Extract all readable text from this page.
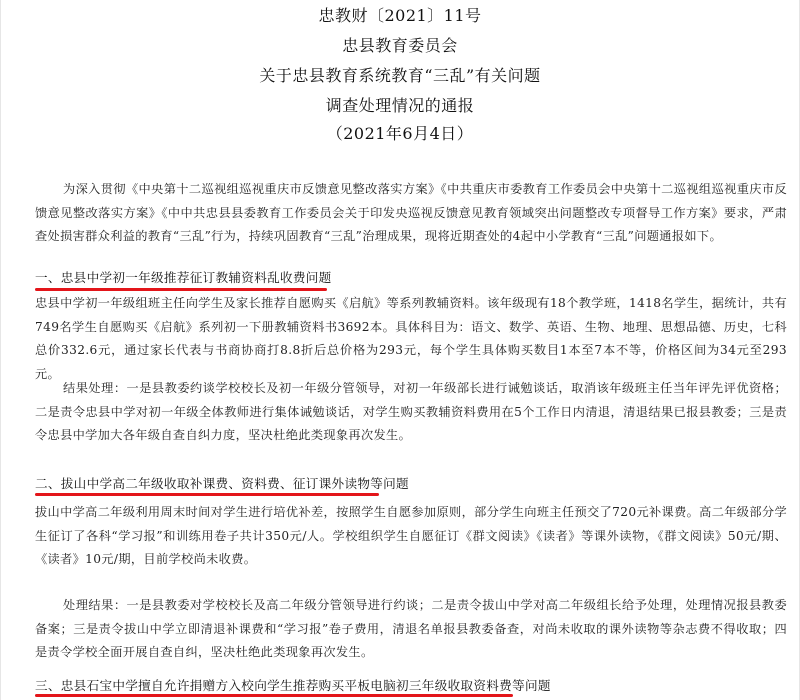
忠教财〔2021〕11号
忠县教育委员会
关于忠县教育系统教育“三乱”有关问题
调查处理情况的通报
（2021年6月4日）
为深入贯彻《中央第十二巡视组巡视重庆市反馈意见整改落实方案》《中共重庆市委教育工作委员会中央第十二巡视组巡视重庆市反馈意见整改落实方案》《中中共忠县县委教育工作委员会关于印发央巡视反馈意见教育领域突出问题整改专项督导工作方案》要求，严肃查处损害群众利益的教育“三乱”行为，持续巩固教育“三乱”治理成果，现将近期查处的4起中小学教育“三乱”问题通报如下。
一、忠县中学初一年级推荐征订教辅资料乱收费问题
忠县中学初一年级组班主任向学生及家长推荐自愿购买《启航》等系列教辅资料。该年级现有18个教学班，1418名学生，据统计，共有749名学生自愿购买《启航》系列初一下册教辅资料书3692本。具体科目为：语文、数学、英语、生物、地理、思想品德、历史，七科总价332.6元，通过家长代表与书商协商打8.8折后总价格为293元，每个学生具体购买数目1本至7本不等，价格区间为34元至293元。
结果处理：一是县教委约谈学校校长及初一年级分管领导，对初一年级部长进行诫勉谈话，取消该年级班主任当年评先评优资格；二是责令忠县中学对初一年级全体教师进行集体诫勉谈话，对学生购买教辅资料费用在5个工作日内清退，清退结果已报县教委；三是责令忠县中学加大各年级自查自纠力度，坚决杜绝此类现象再次发生。
二、拔山中学高二年级收取补课费、资料费、征订课外读物等问题
拔山中学高二年级利用周末时间对学生进行培优补差，按照学生自愿参加原则，部分学生向班主任预交了720元补课费。高二年级部分学生征订了各科“学习报”和训练用卷子共计350元/人。学校组织学生自愿征订《群文阅读》《读者》等课外读物，《群文阅读》50元/期、《读者》10元/期，目前学校尚未收费。
处理结果：一是县教委对学校校长及高二年级分管领导进行约谈；二是责令拔山中学对高二年级组长给予处理，处理情况报县教委备案；三是责令拔山中学立即清退补课费和“学习报”卷子费用，清退名单报县教委备查，对尚未收取的课外读物等杂志费不得收取；四是责令学校全面开展自查自纠，坚决杜绝此类现象再次发生。
三、忠县石宝中学擅自允许捐赠方入校向学生推荐购买平板电脑初三年级收取资料费等问题
